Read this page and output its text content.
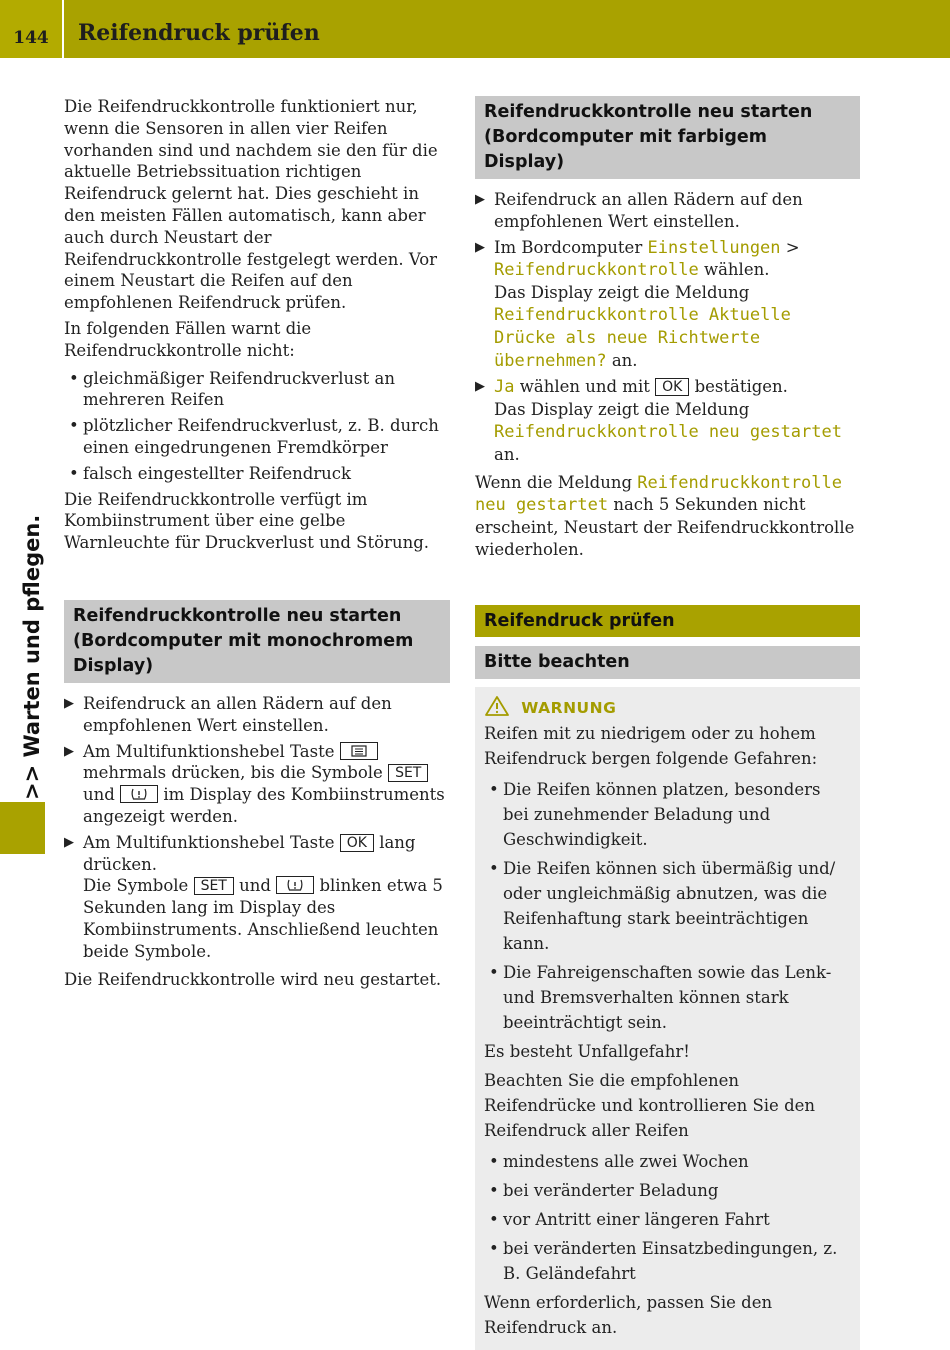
144	Reifendruck prüfen
>> Warten und pflegen.

Die Reifendruckkontrolle funktioniert nur, wenn die Sensoren in allen vier Reifen vorhanden sind und nachdem sie den für die aktuelle Betriebssituation richtigen Reifendruck gelernt hat. Dies geschieht in den meisten Fällen automatisch, kann aber auch durch Neustart der Reifendruckkontrolle festgelegt werden. Vor einem Neustart die Reifen auf den empfohlenen Reifendruck prüfen.

In folgenden Fällen warnt die Reifendruckkontrolle nicht:

• gleichmäßiger Reifendruckverlust an mehreren Reifen
• plötzlicher Reifendruckverlust, z. B. durch einen eingedrungenen Fremdkörper
• falsch eingestellter Reifendruck

Die Reifendruckkontrolle verfügt im Kombiinstrument über eine gelbe Warnleuchte für Druckverlust und Störung.

Reifendruckkontrolle neu starten (Bordcomputer mit monochromem Display)
▶ Reifendruck an allen Rädern auf den empfohlenen Wert einstellen.
▶ Am Multifunktionshebel Taste  mehrmals drücken, bis die Symbole SET und	im Display des Kombiinstruments angezeigt werden.
▶ Am Multifunktionshebel Taste OK lang drücken.
Die Symbole SET und	blinken etwa 5 Sekunden lang im Display des Kombiinstruments. Anschließend leuchten beide Symbole.

Die Reifendruckkontrolle wird neu gestartet.

Reifendruckkontrolle neu starten (Bordcomputer mit farbigem Display)
▶ Reifendruck an allen Rädern auf den empfohlenen Wert einstellen.
▶ Im Bordcomputer Einstellungen > Reifendruckkontrolle wählen.
Das Display zeigt die Meldung Reifendruckkontrolle Aktuelle Drücke als neue Richtwerte übernehmen? an.
▶ Ja wählen und mit OK bestätigen.
Das Display zeigt die Meldung Reifendruckkontrolle neu gestartet an.

Wenn die Meldung Reifendruckkontrolle neu gestartet nach 5 Sekunden nicht erscheint, Neustart der Reifendruckkontrolle wiederholen.

Reifendruck prüfen
Bitte beachten
WARNUNG

Reifen mit zu niedrigem oder zu hohem Reifendruck bergen folgende Gefahren:

• Die Reifen können platzen, besonders bei zunehmender Beladung und Geschwindigkeit.
• Die Reifen können sich übermäßig und/ oder ungleichmäßig abnutzen, was die Reifenhaftung stark beeinträchtigen kann.
• Die Fahreigenschaften sowie das Lenk- und Bremsverhalten können stark beeinträchtigt sein.

Es besteht Unfallgefahr!

Beachten Sie die empfohlenen Reifendrücke und kontrollieren Sie den Reifendruck aller Reifen

• mindestens alle zwei Wochen
• bei veränderter Beladung
• vor Antritt einer längeren Fahrt
• bei veränderten Einsatzbedingungen, z. B. Geländefahrt

Wenn erforderlich, passen Sie den Reifendruck an.
